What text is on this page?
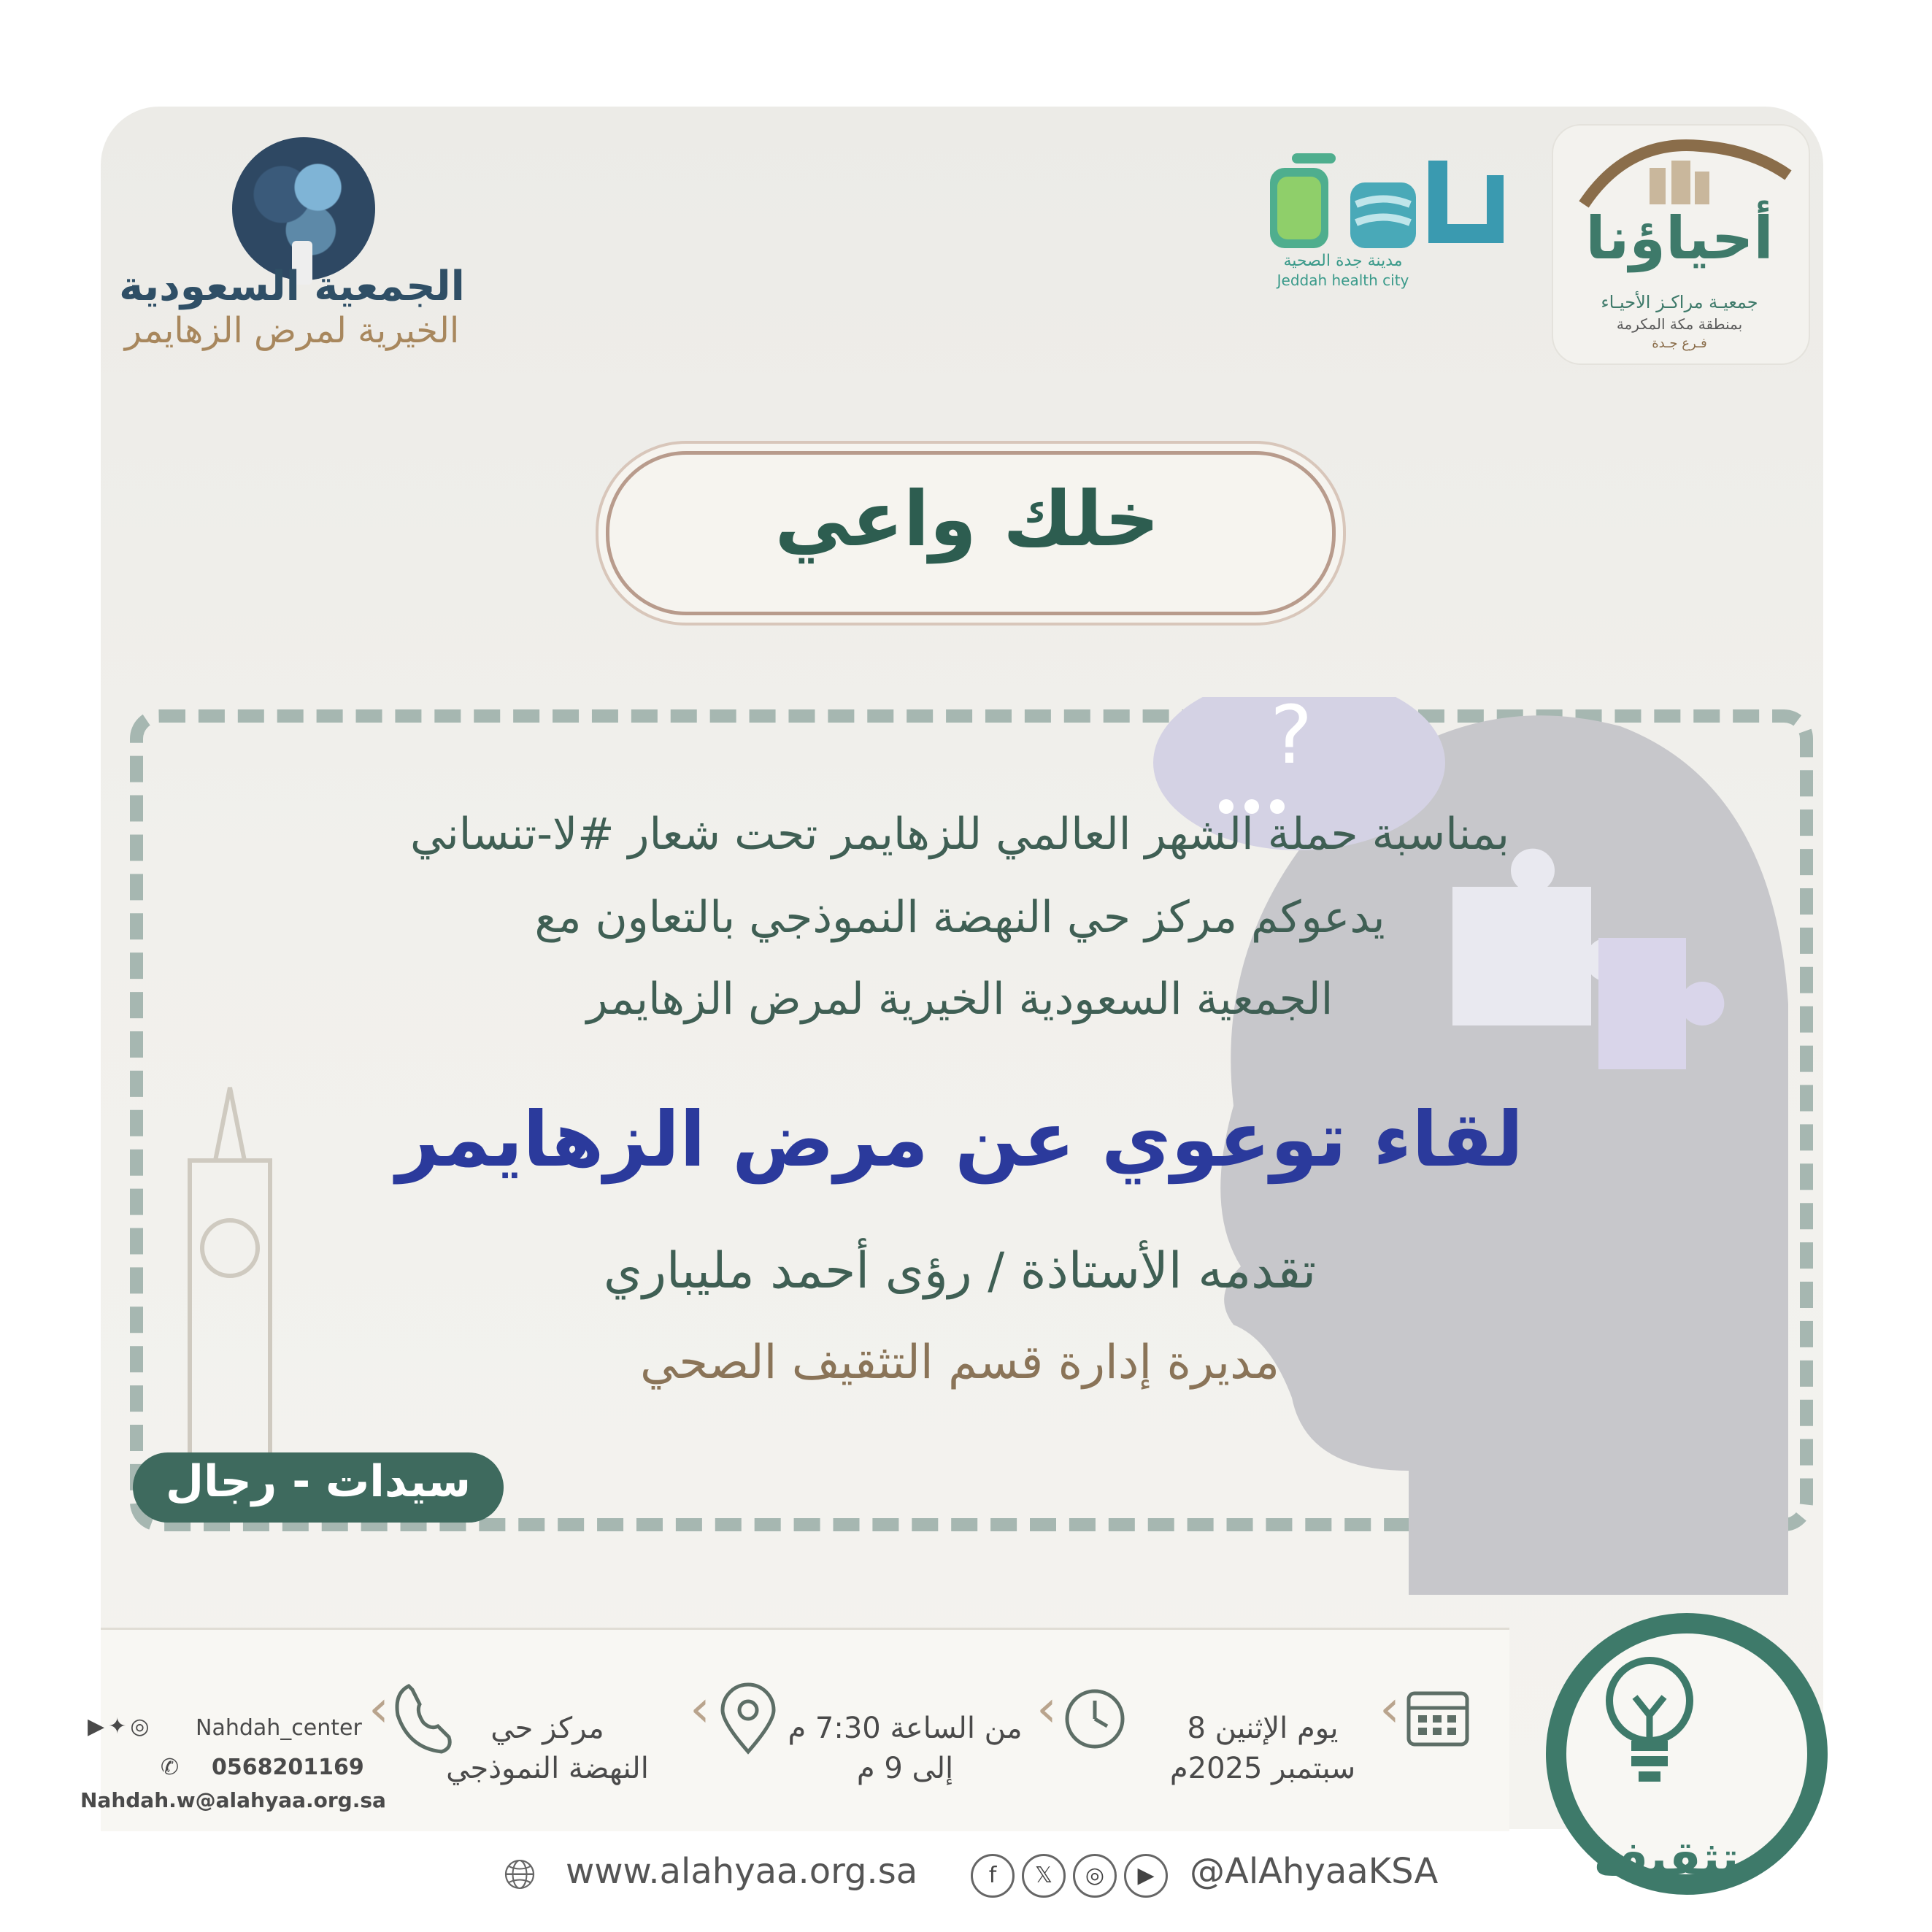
الجمعية السعودية
الخيرية لمرض الزهايمر
أحياؤنا
جمعيـة مراكـز الأحيـاء
بمنطقة مكة المكرمة
فـرع جـدة
مدينة جدة الصحية
Jeddah health city
خلك واعي
?
بمناسبة حملة الشهر العالمي للزهايمر تحت شعار #لا-تنساني
يدعوكم مركز حي النهضة النموذجي بالتعاون مع
الجمعية السعودية الخيرية لمرض الزهايمر
لقاء توعوي عن مرض الزهايمر
تقدمه الأستاذة / رؤى أحمد مليباري
مديرة إدارة قسم التثقيف الصحي
سيدات - رجال
‹
يوم الإثنين 8
سبتمبر 2025م
‹
من الساعة 7:30 م
إلى 9 م
‹
مركز حي
النهضة النموذجي
‹
▶ ✦ ◎	Nahdah_center
✆ 0568201169
Nahdah.w@alahyaa.org.sa
🌐︎ www.alahyaa.org.sa	f	𝕏	◎	▶	@AlAhyaaKSA	تثقيف
